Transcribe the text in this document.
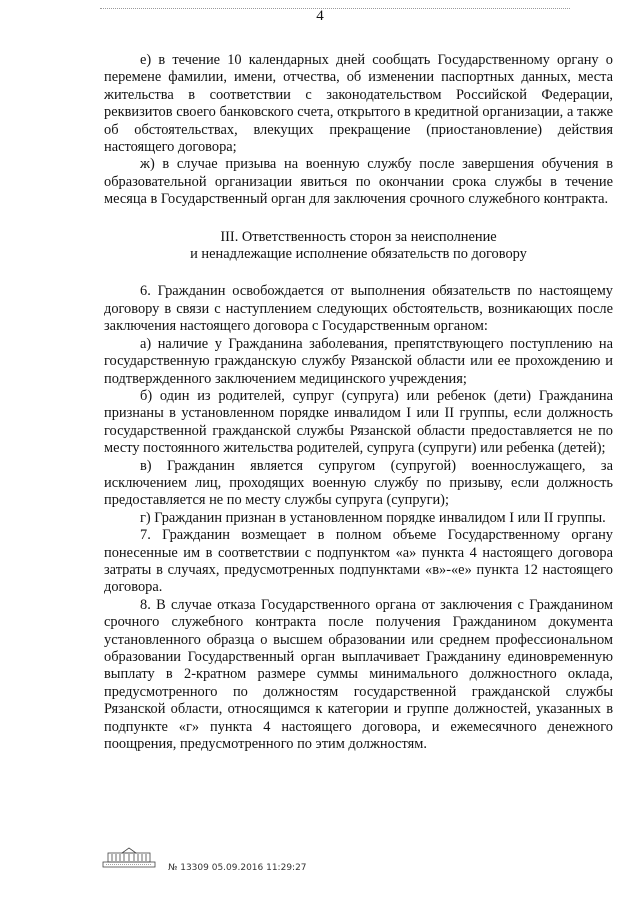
4

е) в течение 10 календарных дней сообщать Государственному органу о перемене фамилии, имени, отчества, об изменении паспортных данных, места жительства в соответствии с законодательством Российской Федерации, реквизитов своего банковского счета, открытого в кредитной организации, а также об обстоятельствах, влекущих прекращение (приостановление) действия настоящего договора;

ж) в случае призыва на военную службу после завершения обучения в образовательной организации явиться по окончании срока службы в течение месяца в Государственный орган для заключения срочного служебного контракта.

III. Ответственность сторон за неисполнение
и ненадлежащие исполнение обязательств по договору

6. Гражданин освобождается от выполнения обязательств по настоящему договору в связи с наступлением следующих обстоятельств, возникающих после заключения настоящего договора с Государственным органом:

а) наличие у Гражданина заболевания, препятствующего поступлению на государственную гражданскую службу Рязанской области или ее прохождению и подтвержденного заключением медицинского учреждения;

б) один из родителей, супруг (супруга) или ребенок (дети) Гражданина признаны в установленном порядке инвалидом I или II группы, если должность государственной гражданской службы Рязанской области предоставляется не по месту постоянного жительства родителей, супруга (супруги) или ребенка (детей);

в) Гражданин является супругом (супругой) военнослужащего, за исключением лиц, проходящих военную службу по призыву, если должность предоставляется не по месту службы супруга (супруги);

г) Гражданин признан в установленном порядке инвалидом I или II группы.

7. Гражданин возмещает в полном объеме Государственному органу понесенные им в соответствии с подпунктом «а» пункта 4 настоящего договора затраты в случаях, предусмотренных подпунктами «в»-«е» пункта 12 настоящего договора.

8. В случае отказа Государственного органа от заключения с Гражданином срочного служебного контракта после получения Гражданином документа установленного образца о высшем образовании или среднем профессиональном образовании Государственный орган выплачивает Гражданину единовременную выплату в 2-кратном размере суммы минимального должностного оклада, предусмотренного по должностям государственной гражданской службы Рязанской области, относящимся к категории и группе должностей, указанных в подпункте «г» пункта 4 настоящего договора, и ежемесячного денежного поощрения, предусмотренного по этим должностям.

№ 13309 05.09.2016 11:29:27
